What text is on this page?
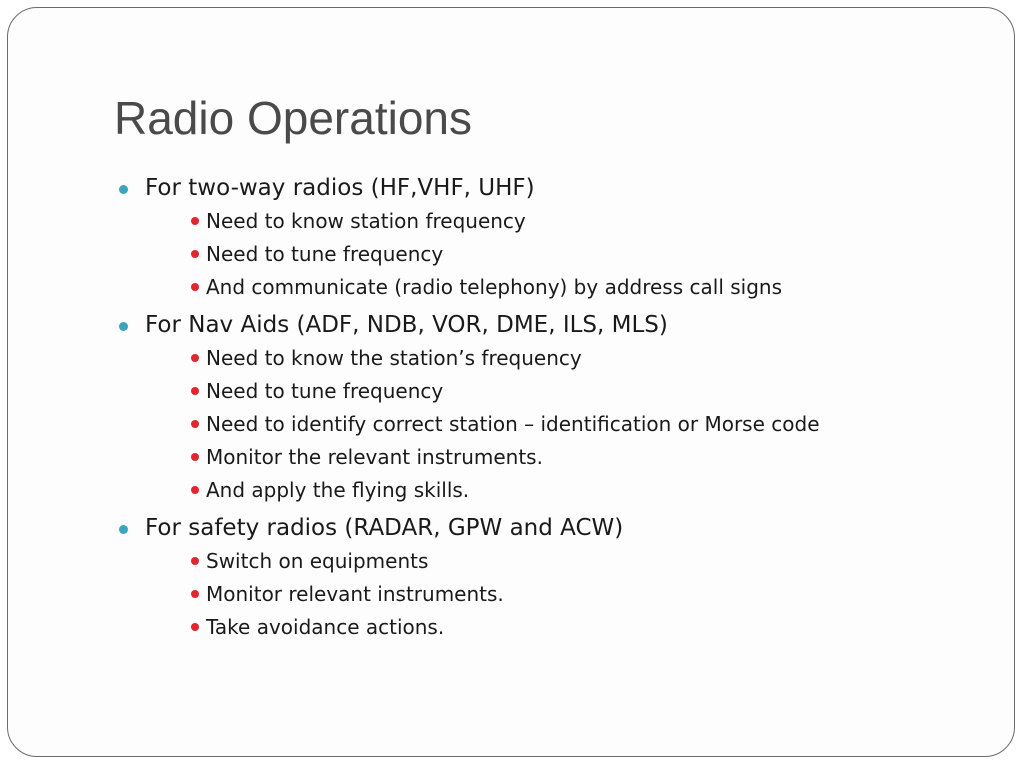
Radio Operations
For two-way radios (HF,VHF, UHF)
Need to know station frequency
Need to tune frequency
And communicate (radio telephony) by address call signs
For Nav Aids (ADF, NDB, VOR, DME, ILS, MLS)
Need to know the station’s frequency
Need to tune frequency
Need to identify correct station – identification or Morse code
Monitor the relevant instruments.
And apply the flying skills.
For safety radios (RADAR, GPW and ACW)
Switch on equipments
Monitor relevant instruments.
Take avoidance actions.
